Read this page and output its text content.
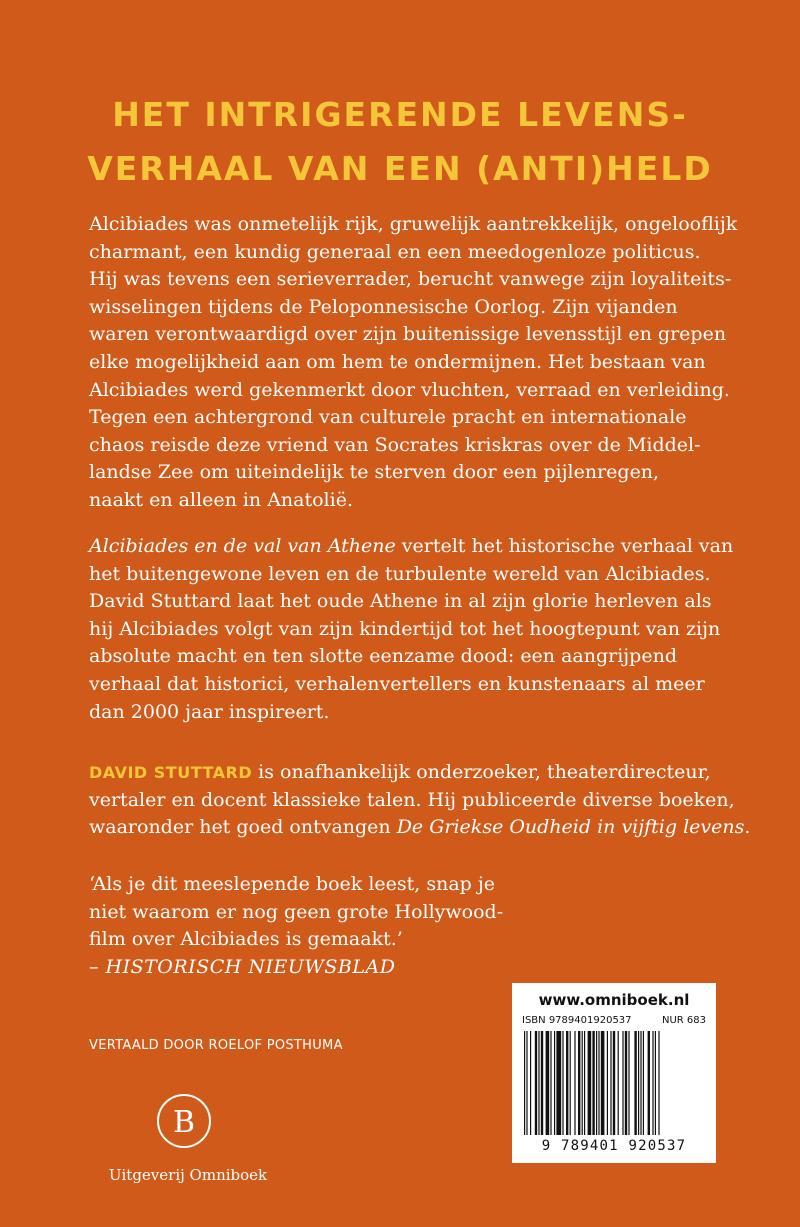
HET INTRIGERENDE LEVENS-
VERHAAL VAN EEN (ANTI)HELD
Alcibiades was onmetelijk rijk, gruwelijk aantrekkelijk, ongelooflijk
charmant, een kundig generaal en een meedogenloze politicus.
Hij was tevens een serieverrader, berucht vanwege zijn loyaliteits-
wisselingen tijdens de Peloponnesische Oorlog. Zijn vijanden
waren verontwaardigd over zijn buitenissige levensstijl en grepen
elke mogelijkheid aan om hem te ondermijnen. Het bestaan van
Alcibiades werd gekenmerkt door vluchten, verraad en verleiding.
Tegen een achtergrond van culturele pracht en internationale
chaos reisde deze vriend van Socrates kriskras over de Middel-
landse Zee om uiteindelijk te sterven door een pijlenregen,
naakt en alleen in Anatolië.
Alcibiades en de val van Athene vertelt het historische verhaal van
het buitengewone leven en de turbulente wereld van Alcibiades.
David Stuttard laat het oude Athene in al zijn glorie herleven als
hij Alcibiades volgt van zijn kindertijd tot het hoogtepunt van zijn
absolute macht en ten slotte eenzame dood: een aangrijpend
verhaal dat historici, verhalenvertellers en kunstenaars al meer
dan 2000 jaar inspireert.
DAVID STUTTARD is onafhankelijk onderzoeker, theaterdirecteur,
vertaler en docent klassieke talen. Hij publiceerde diverse boeken,
waaronder het goed ontvangen De Griekse Oudheid in vijftig levens.
‘Als je dit meeslepende boek leest, snap je
niet waarom er nog geen grote Hollywood-
film over Alcibiades is gemaakt.’
– HISTORISCH NIEUWSBLAD
VERTAALD DOOR ROELOF POSTHUMA
B
Uitgeverij Omniboek
www.omniboek.nl
ISBN 9789401920537	NUR 683
9 789401 920537
